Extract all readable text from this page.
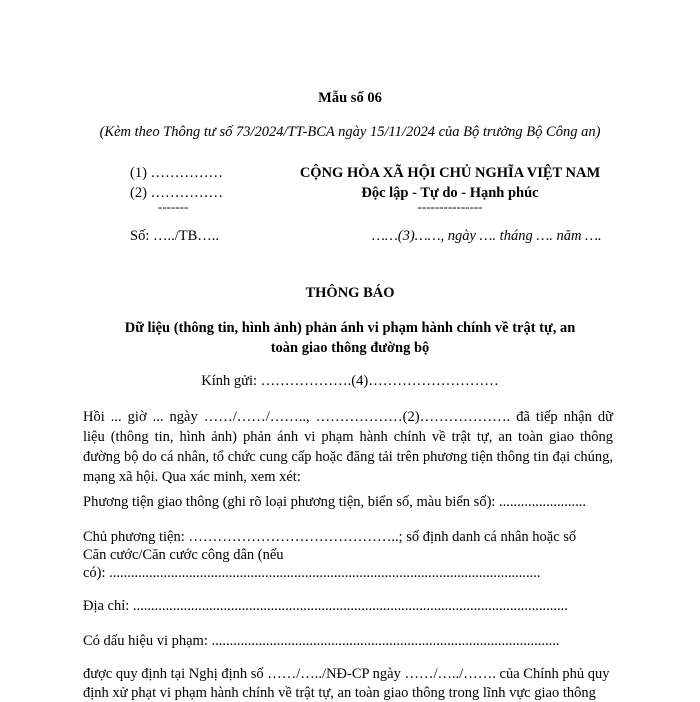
Mẫu số 06
(Kèm theo Thông tư số 73/2024/TT-BCA ngày 15/11/2024 của Bộ trưởng Bộ Công an)
(1) ……………
(2) ……………
-------
CỘNG HÒA XÃ HỘI CHỦ NGHĨA VIỆT NAM
Độc lập - Tự do - Hạnh phúc
---------------
Số: …../TB…..	……(3)……, ngày …. tháng …. năm ….
THÔNG BÁO
Dữ liệu (thông tin, hình ảnh) phản ánh vi phạm hành chính về trật tự, an toàn giao thông đường bộ
Kính gửi: ……………….(4)………………………
Hồi ... giờ ... ngày ……/……/…….., ………………(2)………………. đã tiếp nhận dữ liệu (thông tin, hình ảnh) phản ánh vi phạm hành chính về trật tự, an toàn giao thông đường bộ do cá nhân, tổ chức cung cấp hoặc đăng tải trên phương tiện thông tin đại chúng, mạng xã hội. Qua xác minh, xem xét:
Phương tiện giao thông (ghi rõ loại phương tiện, biển số, màu biển số): ........................
Chủ phương tiện: ……………………………………..; số định danh cá nhân hoặc số
Căn cước/Căn cước công dân (nếu
có): .......................................................................................................................
Địa chỉ: ........................................................................................................................
Có dấu hiệu vi phạm: ................................................................................................
được quy định tại Nghị định số ……/…../NĐ-CP ngày ……/…../……. của Chính phủ quy
định xử phạt vi phạm hành chính về trật tự, an toàn giao thông trong lĩnh vực giao thông
